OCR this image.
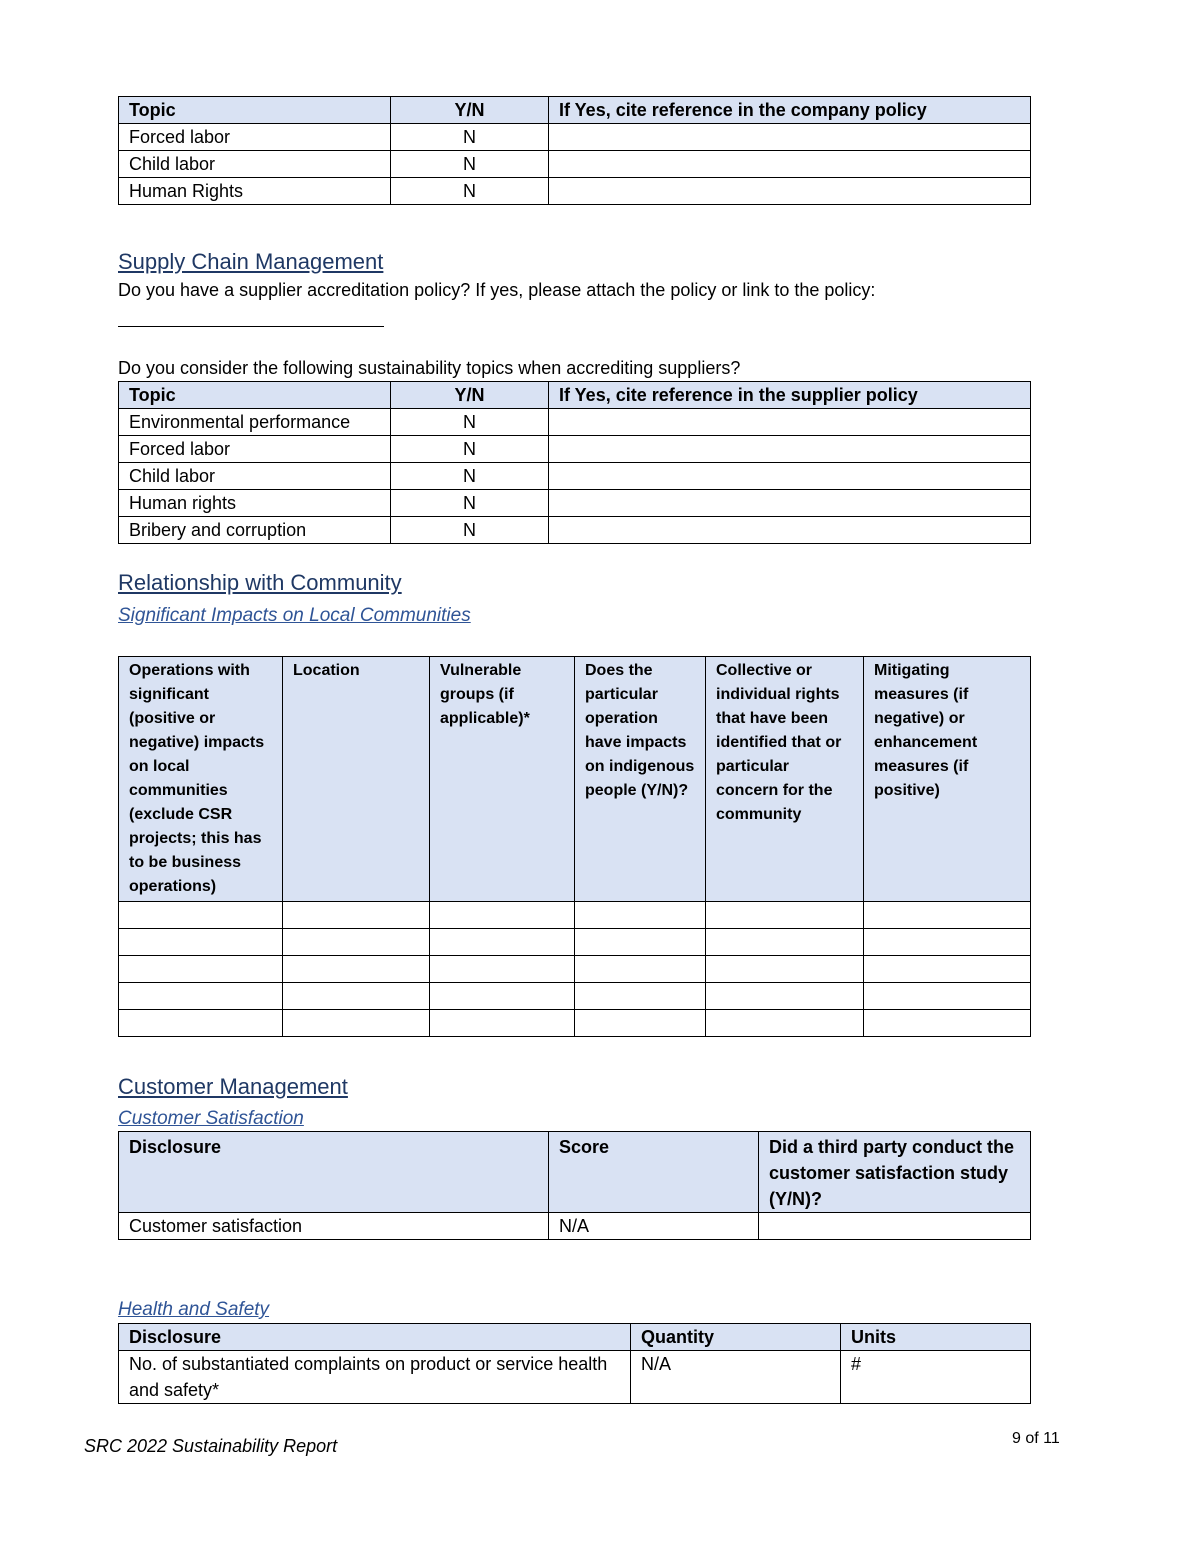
Topic	Y/N	If Yes, cite reference in the company policy
Forced labor	N	
Child labor	N	
Human Rights	N	
Supply Chain Management

Do you have a supplier accreditation policy? If yes, please attach the policy or link to the policy:

Do you consider the following sustainability topics when accrediting suppliers?

Topic	Y/N	If Yes, cite reference in the supplier policy
Environmental performance	N	
Forced labor	N	
Child labor	N	
Human rights	N	
Bribery and corruption	N	
Relationship with Community

Significant Impacts on Local Communities

Operations with significant (positive or negative) impacts on local communities (exclude CSR projects; this has to be business operations)	Location	Vulnerable groups (if applicable)*	Does the particular operation have impacts on indigenous people (Y/N)?	Collective or individual rights that have been identified that or particular concern for the community	Mitigating measures (if negative) or enhancement measures (if positive)

Customer Management

Customer Satisfaction

Disclosure	Score	Did a third party conduct the customer satisfaction study (Y/N)?
Customer satisfaction	N/A	

Health and Safety

Disclosure	Quantity	Units
No. of substantiated complaints on product or service health and safety*	N/A	#
SRC 2022 Sustainability Report	9 of 11
